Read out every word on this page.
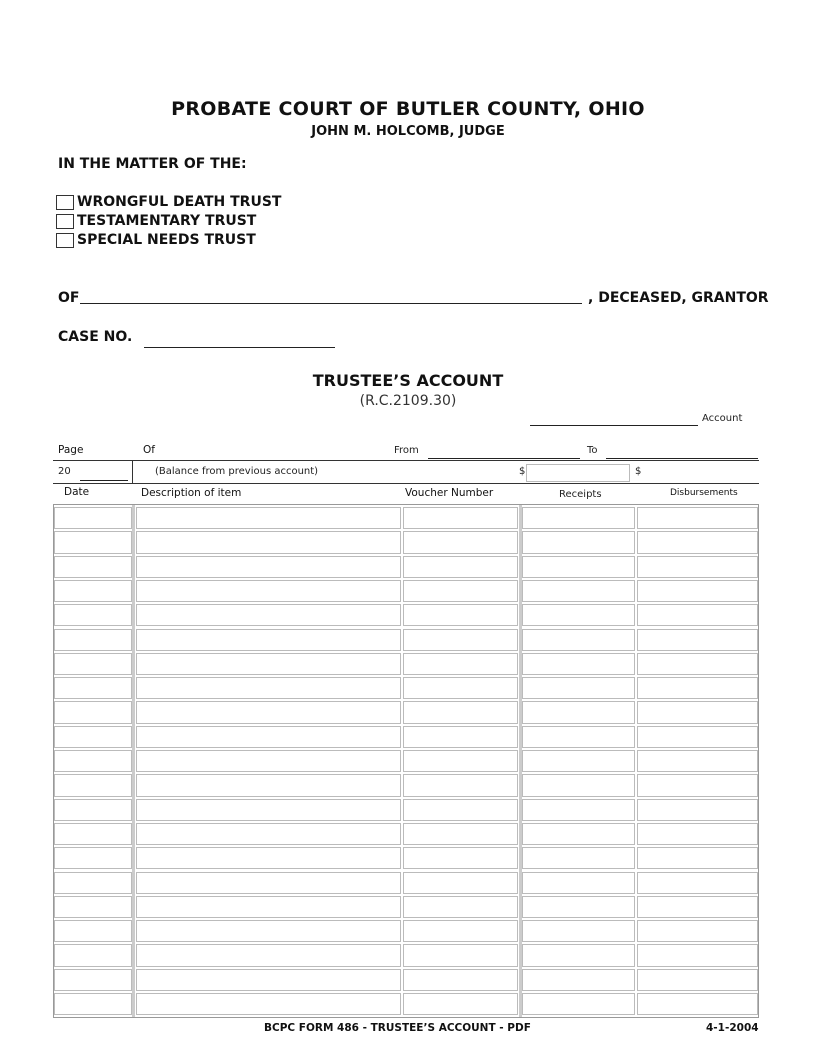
PROBATE COURT OF BUTLER COUNTY, OHIO
JOHN M. HOLCOMB, JUDGE
IN THE MATTER OF THE:
WRONGFUL DEATH TRUST
TESTAMENTARY TRUST
SPECIAL NEEDS TRUST
OF	, DECEASED, GRANTOR
CASE NO.
TRUSTEE’S ACCOUNT
(R.C.2109.30)
Account
Page	Of	From	To
20	(Balance from previous account)	$	$
Date	Description of item	Voucher Number	Receipts	Disbursements
BCPC FORM 486 - TRUSTEE’S ACCOUNT - PDF	4-1-2004
